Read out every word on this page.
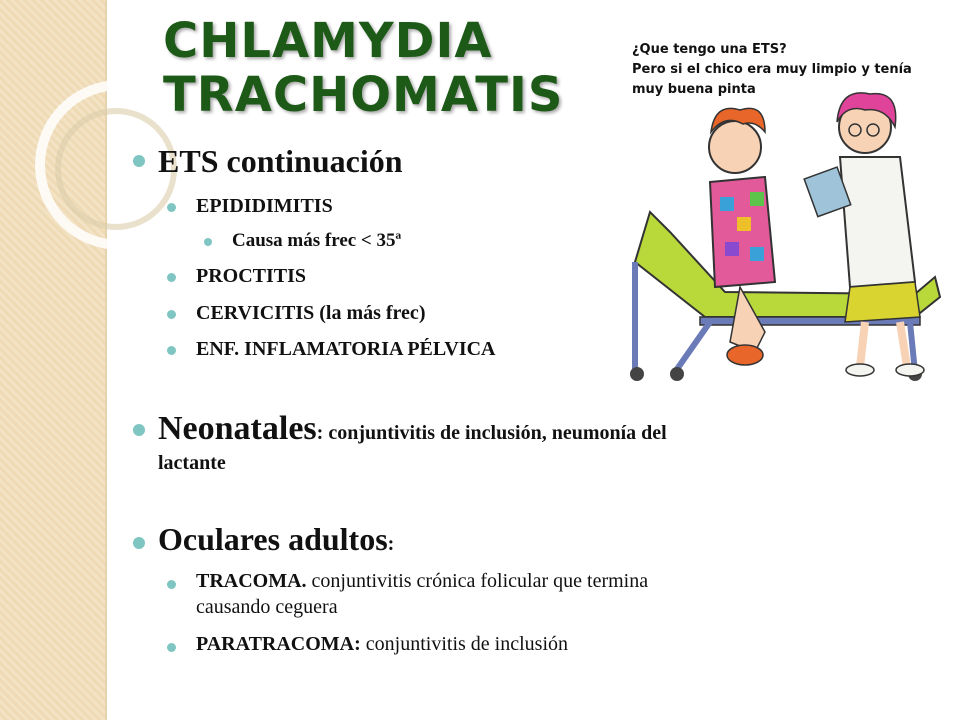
CHLAMYDIA
TRACHOMATIS
¿Que tengo una ETS?
Pero si el chico era muy limpio y tenía
muy buena pinta
ETS continuación
EPIDIDIMITIS
Causa más frec < 35ª
PROCTITIS
CERVICITIS (la más frec)
ENF. INFLAMATORIA PÉLVICA
Neonatales: conjuntivitis de inclusión, neumonía del
lactante
Oculares adultos:
TRACOMA. conjuntivitis crónica folicular que termina
causando ceguera
PARATRACOMA: conjuntivitis de inclusión
